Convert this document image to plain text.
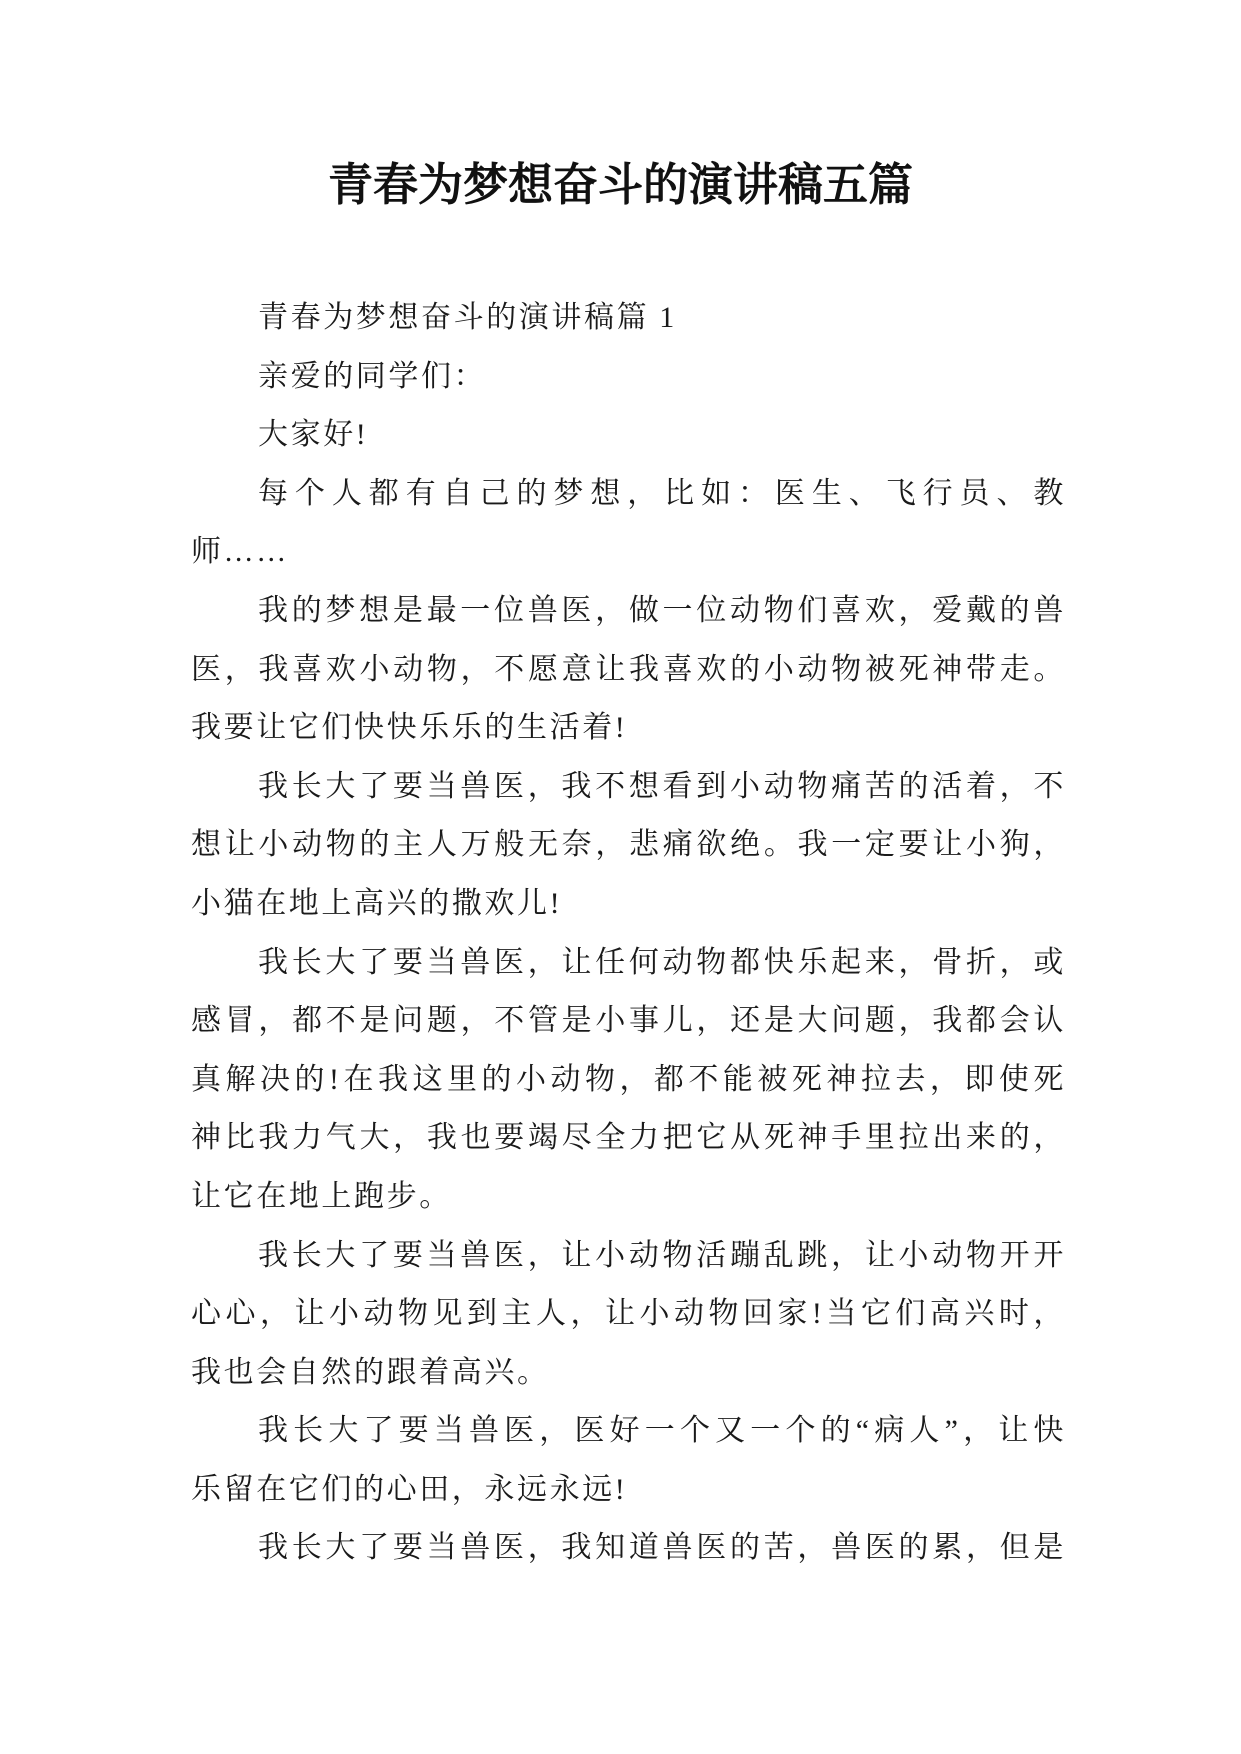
青春为梦想奋斗的演讲稿五篇
青春为梦想奋斗的演讲稿篇 1
亲爱的同学们：
大家好!
每个人都有自己的梦想，比如：医生、飞行员、教
师……
我的梦想是最一位兽医，做一位动物们喜欢，爱戴的兽
医，我喜欢小动物，不愿意让我喜欢的小动物被死神带走。
我要让它们快快乐乐的生活着!
我长大了要当兽医，我不想看到小动物痛苦的活着，不
想让小动物的主人万般无奈，悲痛欲绝。我一定要让小狗，
小猫在地上高兴的撒欢儿!
我长大了要当兽医，让任何动物都快乐起来，骨折，或
感冒，都不是问题，不管是小事儿，还是大问题，我都会认
真解决的!在我这里的小动物，都不能被死神拉去，即使死
神比我力气大，我也要竭尽全力把它从死神手里拉出来的，
让它在地上跑步。
我长大了要当兽医，让小动物活蹦乱跳，让小动物开开
心心，让小动物见到主人，让小动物回家!当它们高兴时，
我也会自然的跟着高兴。
我长大了要当兽医，医好一个又一个的“病人”，让快
乐留在它们的心田，永远永远!
我长大了要当兽医，我知道兽医的苦，兽医的累，但是
